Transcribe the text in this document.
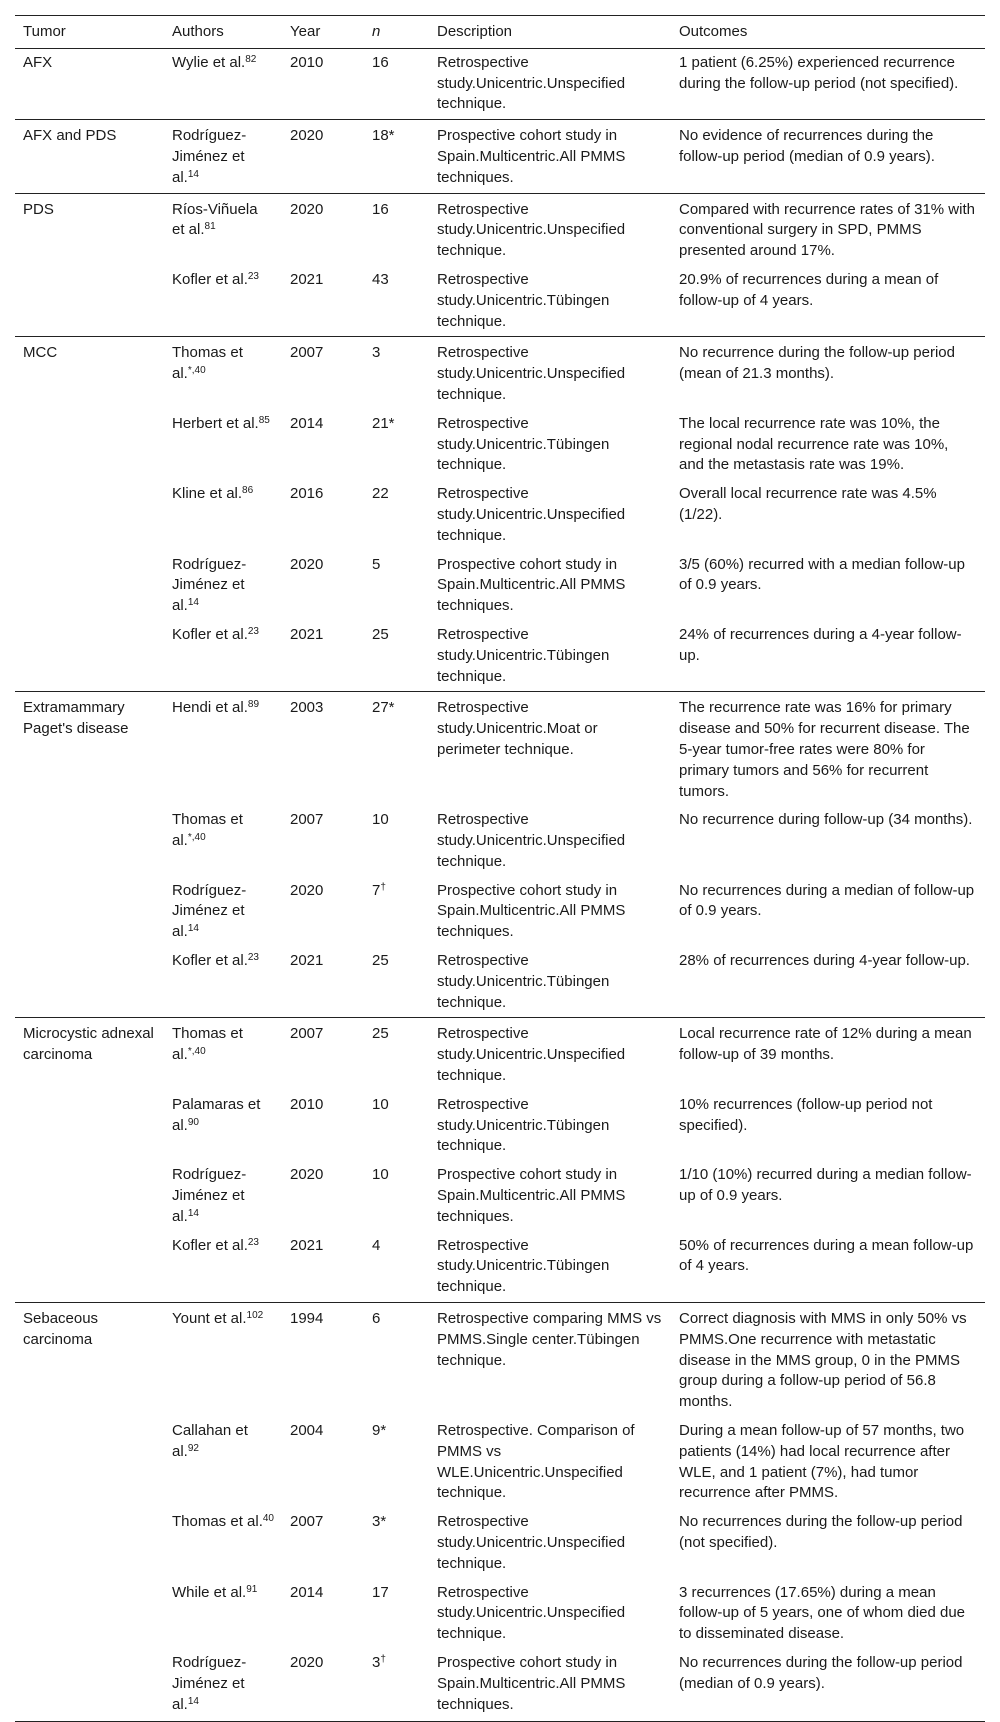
Tumor	Authors	Year	n	Description	Outcomes
AFX	Wylie et al.$^{82}$	2010	16	Retrospective study.Unicentric.Unspecified technique.	1 patient (6.25%) experienced recurrence during the follow-up period (not specified).
AFX and PDS	Rodríguez-Jiménez et al.$^{14}$	2020	18*	Prospective cohort study in Spain.Multicentric.All PMMS techniques.	No evidence of recurrences during the follow-up period (median of 0.9 years).
PDS	Ríos-Viñuela et al.$^{81}$	2020	16	Retrospective study.Unicentric.Unspecified technique.	Compared with recurrence rates of 31% with conventional surgery in SPD, PMMS presented around 17%.
	Kofler et al.$^{23}$	2021	43	Retrospective study.Unicentric.Tübingen technique.	20.9% of recurrences during a mean of follow-up of 4 years.
MCC	Thomas et al.$^{*,40}$	2007	3	Retrospective study.Unicentric.Unspecified technique.	No recurrence during the follow-up period (mean of 21.3 months).
	Herbert et al.$^{85}$	2014	21*	Retrospective study.Unicentric.Tübingen technique.	The local recurrence rate was 10%, the regional nodal recurrence rate was 10%, and the metastasis rate was 19%.
	Kline et al.$^{86}$	2016	22	Retrospective study.Unicentric.Unspecified technique.	Overall local recurrence rate was 4.5% (1/22).
	Rodríguez-Jiménez et al.$^{14}$	2020	5	Prospective cohort study in Spain.Multicentric.All PMMS techniques.	3/5 (60%) recurred with a median follow-up of 0.9 years.
	Kofler et al.$^{23}$	2021	25	Retrospective study.Unicentric.Tübingen technique.	24% of recurrences during a 4-year follow-up.
Extramammary Paget's disease	Hendi et al.$^{89}$	2003	27*	Retrospective study.Unicentric.Moat or perimeter technique.	The recurrence rate was 16% for primary disease and 50% for recurrent disease. The 5-year tumor-free rates were 80% for primary tumors and 56% for recurrent tumors.
	Thomas et al.$^{*,40}$	2007	10	Retrospective study.Unicentric.Unspecified technique.	No recurrence during follow-up (34 months).
	Rodríguez-Jiménez et al.$^{14}$	2020	7†	Prospective cohort study in Spain.Multicentric.All PMMS techniques.	No recurrences during a median of follow-up of 0.9 years.
	Kofler et al.$^{23}$	2021	25	Retrospective study.Unicentric.Tübingen technique.	28% of recurrences during 4-year follow-up.
Microcystic adnexal carcinoma	Thomas et al.$^{*,40}$	2007	25	Retrospective study.Unicentric.Unspecified technique.	Local recurrence rate of 12% during a mean follow-up of 39 months.
	Palamaras et al.$^{90}$	2010	10	Retrospective study.Unicentric.Tübingen technique.	10% recurrences (follow-up period not specified).
	Rodríguez-Jiménez et al.$^{14}$	2020	10	Prospective cohort study in Spain.Multicentric.All PMMS techniques.	1/10 (10%) recurred during a median follow-up of 0.9 years.
	Kofler et al.$^{23}$	2021	4	Retrospective study.Unicentric.Tübingen technique.	50% of recurrences during a mean follow-up of 4 years.
Sebaceous carcinoma	Yount et al.$^{102}$	1994	6	Retrospective comparing MMS vs PMMS.Single center.Tübingen technique.	Correct diagnosis with MMS in only 50% vs PMMS.One recurrence with metastatic disease in the MMS group, 0 in the PMMS group during a follow-up period of 56.8 months.
	Callahan et al.$^{92}$	2004	9*	Retrospective. Comparison of PMMS vs WLE.Unicentric.Unspecified technique.	During a mean follow-up of 57 months, two patients (14%) had local recurrence after WLE, and 1 patient (7%), had tumor recurrence after PMMS.
	Thomas et al.$^{40}$	2007	3*	Retrospective study.Unicentric.Unspecified technique.	No recurrences during the follow-up period (not specified).
	While et al.$^{91}$	2014	17	Retrospective study.Unicentric.Unspecified technique.	3 recurrences (17.65%) during a mean follow-up of 5 years, one of whom died due to disseminated disease.
	Rodríguez-Jiménez et al.$^{14}$	2020	3†	Prospective cohort study in Spain.Multicentric.All PMMS techniques.	No recurrences during the follow-up period (median of 0.9 years).
